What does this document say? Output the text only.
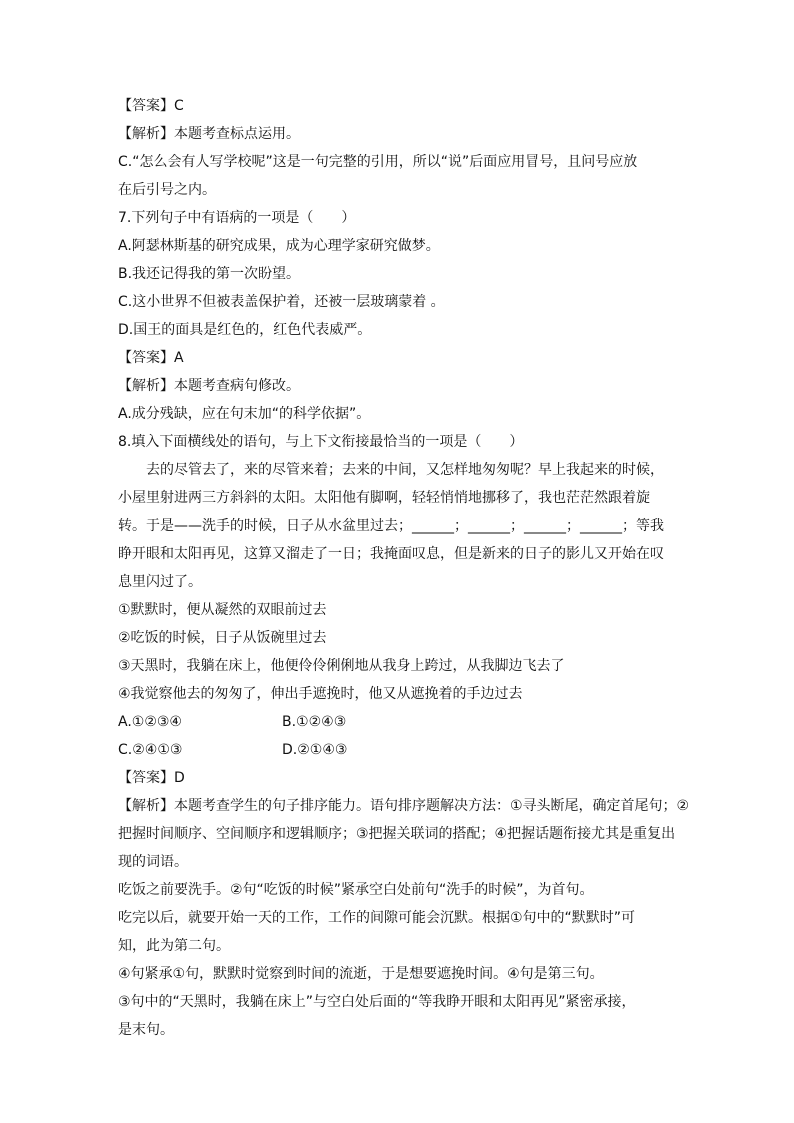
【答案】C
【解析】本题考查标点运用。
C.“怎么会有人写学校呢”这是一句完整的引用，所以“说”后面应用冒号，且问号应放
在后引号之内。
7.下列句子中有语病的一项是（　　）
A.阿瑟林斯基的研究成果，成为心理学家研究做梦。
B.我还记得我的第一次盼望。
C.这小世界不但被表盖保护着，还被一层玻璃蒙着 。
D.国王的面具是红色的，红色代表威严。
【答案】A
【解析】本题考查病句修改。
A.成分残缺，应在句末加“的科学依据”。
8.填入下面横线处的语句，与上下文衔接最恰当的一项是（　　）
去的尽管去了，来的尽管来着；去来的中间，又怎样地匆匆呢？早上我起来的时候，
小屋里射进两三方斜斜的太阳。太阳他有脚啊，轻轻悄悄地挪移了，我也茫茫然跟着旋
转。于是——洗手的时候，日子从水盆里过去；______；______；______；______；等我
睁开眼和太阳再见，这算又溜走了一日；我掩面叹息，但是新来的日子的影儿又开始在叹
息里闪过了。
①默默时，便从凝然的双眼前过去
②吃饭的时候，日子从饭碗里过去
③天黑时，我躺在床上，他便伶伶俐俐地从我身上跨过，从我脚边飞去了
④我觉察他去的匆匆了，伸出手遮挽时，他又从遮挽着的手边过去
A.①②③④	B.①②④③
C.②④①③	D.②①④③
【答案】D
【解析】本题考查学生的句子排序能力。语句排序题解决方法：①寻头断尾，确定首尾句；②
把握时间顺序、空间顺序和逻辑顺序；③把握关联词的搭配；④把握话题衔接尤其是重复出
现的词语。
吃饭之前要洗手。②句“吃饭的时候”紧承空白处前句“洗手的时候”，为首句。
吃完以后，就要开始一天的工作，工作的间隙可能会沉默。根据①句中的“默默时”可
知，此为第二句。
④句紧承①句，默默时觉察到时间的流逝，于是想要遮挽时间。④句是第三句。
③句中的“天黑时，我躺在床上”与空白处后面的“等我睁开眼和太阳再见”紧密承接，
是末句。
